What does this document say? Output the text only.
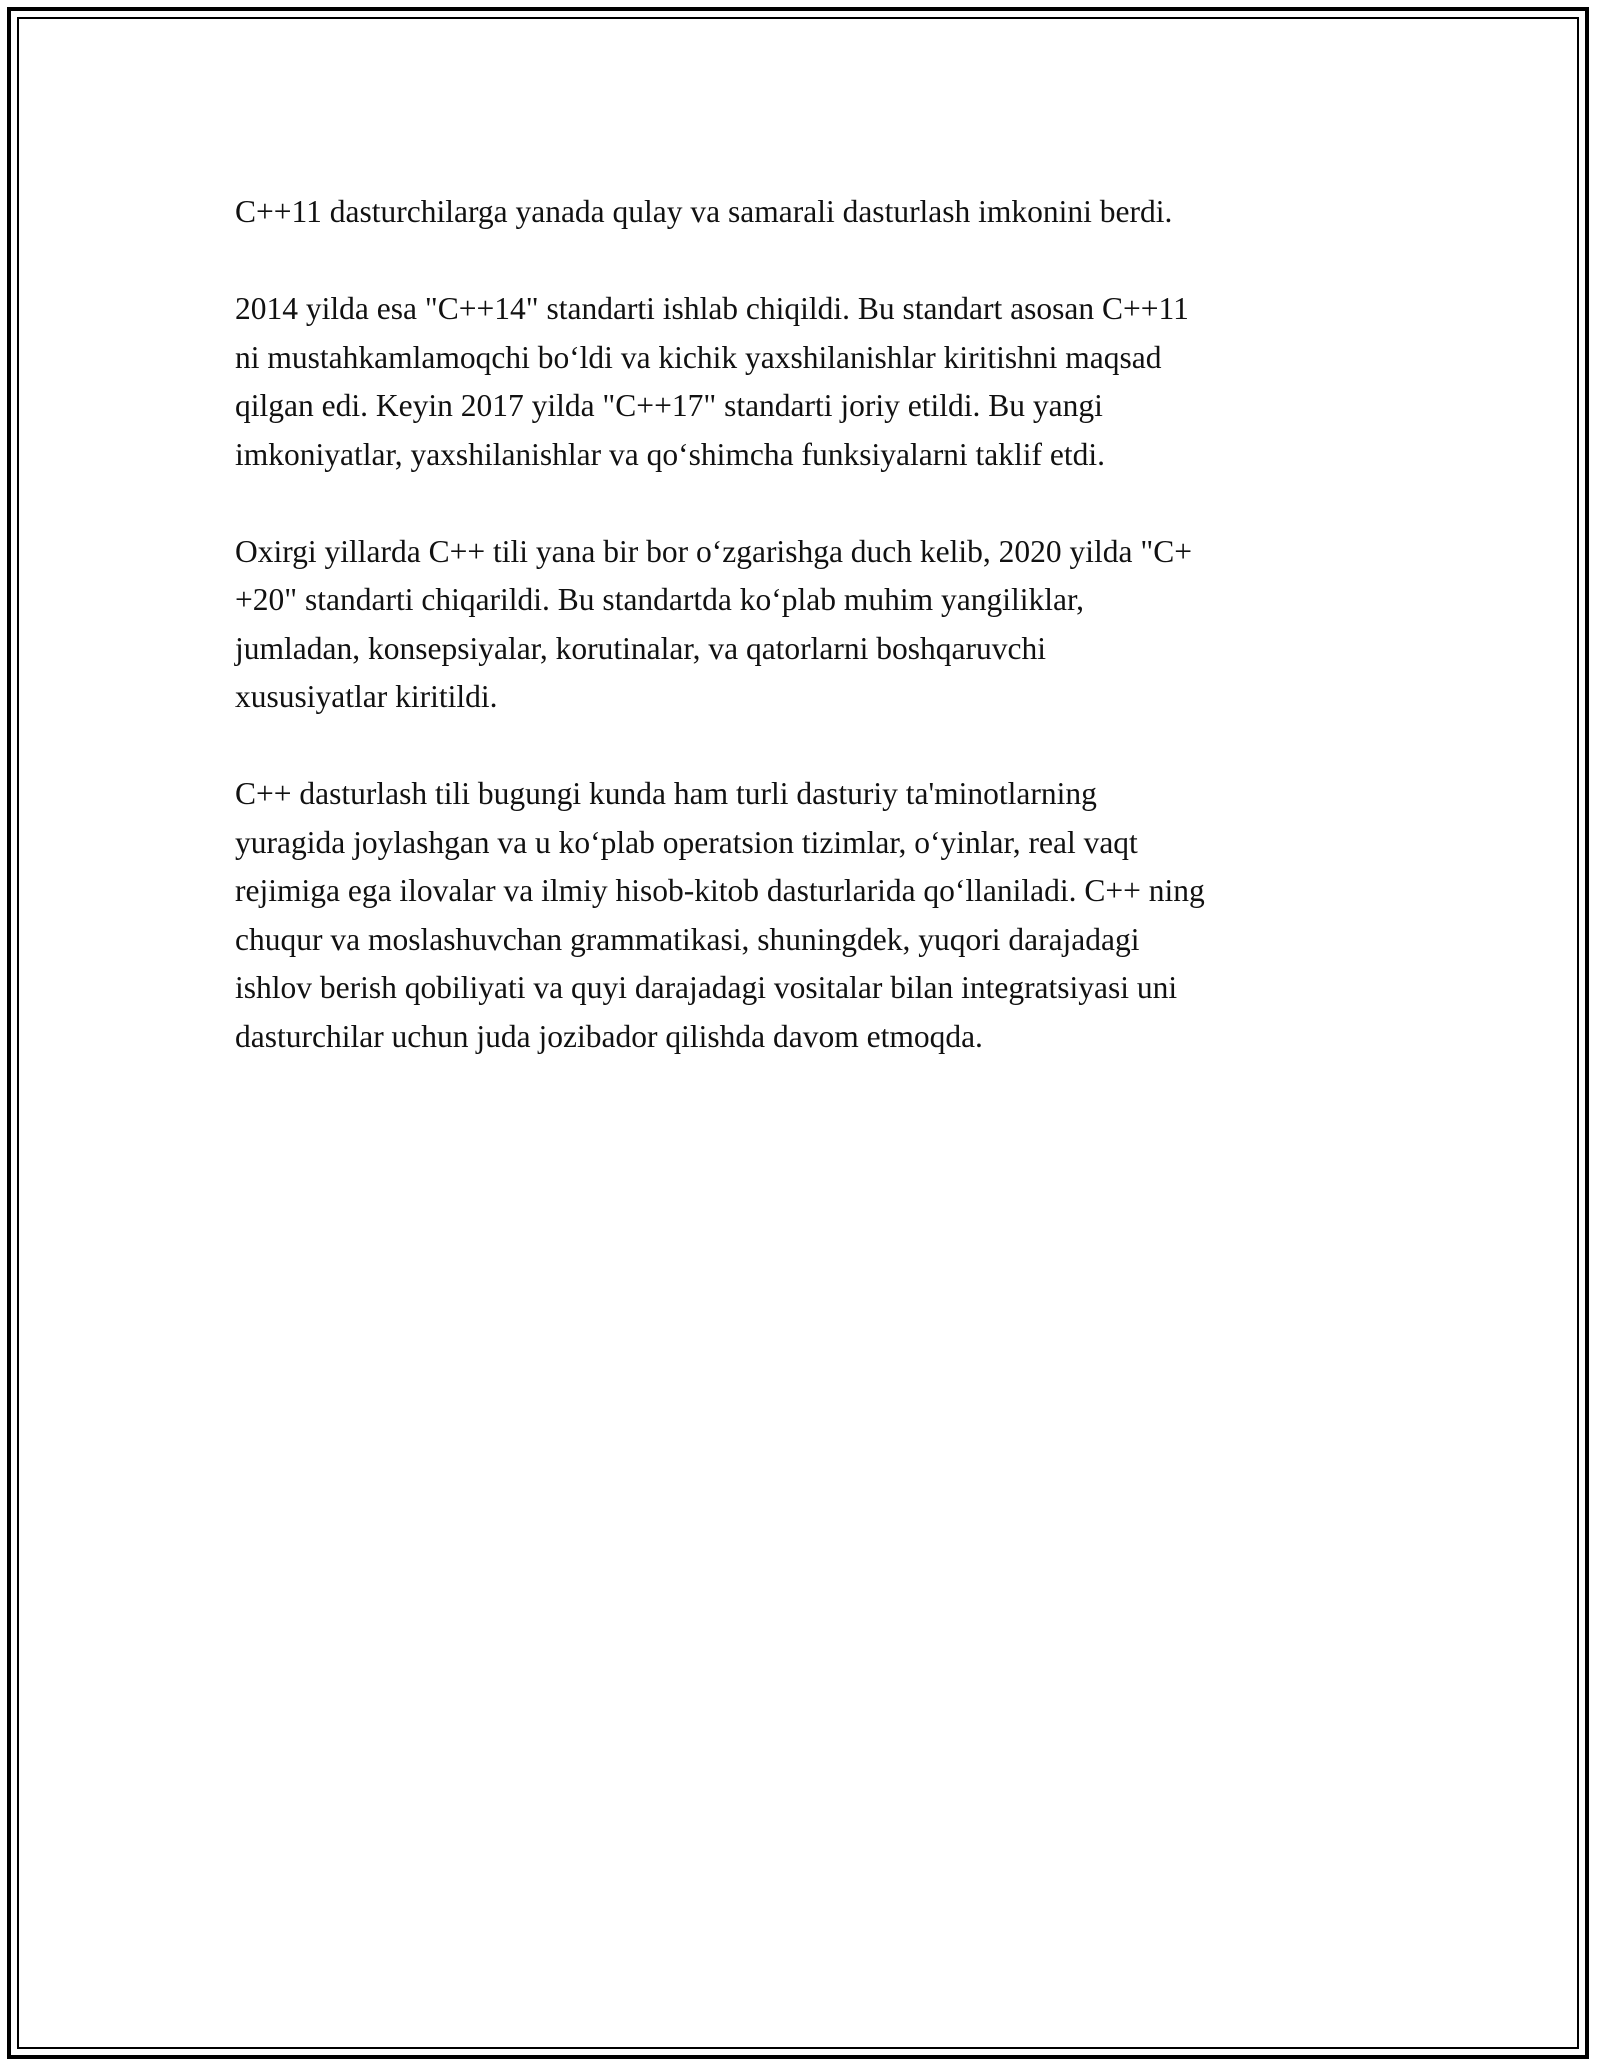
C++11 dasturchilarga yanada qulay va samarali dasturlash imkonini berdi.

2014 yilda esa "C++14" standarti ishlab chiqildi. Bu standart asosan C++11
ni mustahkamlamoqchi bo‘ldi va kichik yaxshilanishlar kiritishni maqsad
qilgan edi. Keyin 2017 yilda "C++17" standarti joriy etildi. Bu yangi
imkoniyatlar, yaxshilanishlar va qo‘shimcha funksiyalarni taklif etdi.

Oxirgi yillarda C++ tili yana bir bor o‘zgarishga duch kelib, 2020 yilda "C+
+20" standarti chiqarildi. Bu standartda ko‘plab muhim yangiliklar,
jumladan, konsepsiyalar, korutinalar, va qatorlarni boshqaruvchi
xususiyatlar kiritildi.

C++ dasturlash tili bugungi kunda ham turli dasturiy ta'minotlarning
yuragida joylashgan va u ko‘plab operatsion tizimlar, o‘yinlar, real vaqt
rejimiga ega ilovalar va ilmiy hisob-kitob dasturlarida qo‘llaniladi. C++ ning
chuqur va moslashuvchan grammatikasi, shuningdek, yuqori darajadagi
ishlov berish qobiliyati va quyi darajadagi vositalar bilan integratsiyasi uni
dasturchilar uchun juda jozibador qilishda davom etmoqda.
